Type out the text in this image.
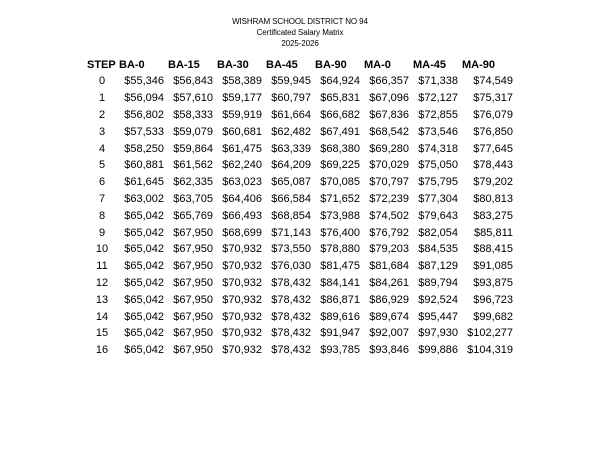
WISHRAM SCHOOL DISTRICT NO 94
Certificated Salary Matrix
2025-2026
STEP	BA-0	BA-15	BA-30	BA-45	BA-90	MA-0	MA-45	MA-90
0	$55,346	$56,843	$58,389	$59,945	$64,924	$66,357	$71,338	$74,549
1	$56,094	$57,610	$59,177	$60,797	$65,831	$67,096	$72,127	$75,317
2	$56,802	$58,333	$59,919	$61,664	$66,682	$67,836	$72,855	$76,079
3	$57,533	$59,079	$60,681	$62,482	$67,491	$68,542	$73,546	$76,850
4	$58,250	$59,864	$61,475	$63,339	$68,380	$69,280	$74,318	$77,645
5	$60,881	$61,562	$62,240	$64,209	$69,225	$70,029	$75,050	$78,443
6	$61,645	$62,335	$63,023	$65,087	$70,085	$70,797	$75,795	$79,202
7	$63,002	$63,705	$64,406	$66,584	$71,652	$72,239	$77,304	$80,813
8	$65,042	$65,769	$66,493	$68,854	$73,988	$74,502	$79,643	$83,275
9	$65,042	$67,950	$68,699	$71,143	$76,400	$76,792	$82,054	$85,811
10	$65,042	$67,950	$70,932	$73,550	$78,880	$79,203	$84,535	$88,415
11	$65,042	$67,950	$70,932	$76,030	$81,475	$81,684	$87,129	$91,085
12	$65,042	$67,950	$70,932	$78,432	$84,141	$84,261	$89,794	$93,875
13	$65,042	$67,950	$70,932	$78,432	$86,871	$86,929	$92,524	$96,723
14	$65,042	$67,950	$70,932	$78,432	$89,616	$89,674	$95,447	$99,682
15	$65,042	$67,950	$70,932	$78,432	$91,947	$92,007	$97,930	$102,277
16	$65,042	$67,950	$70,932	$78,432	$93,785	$93,846	$99,886	$104,319
